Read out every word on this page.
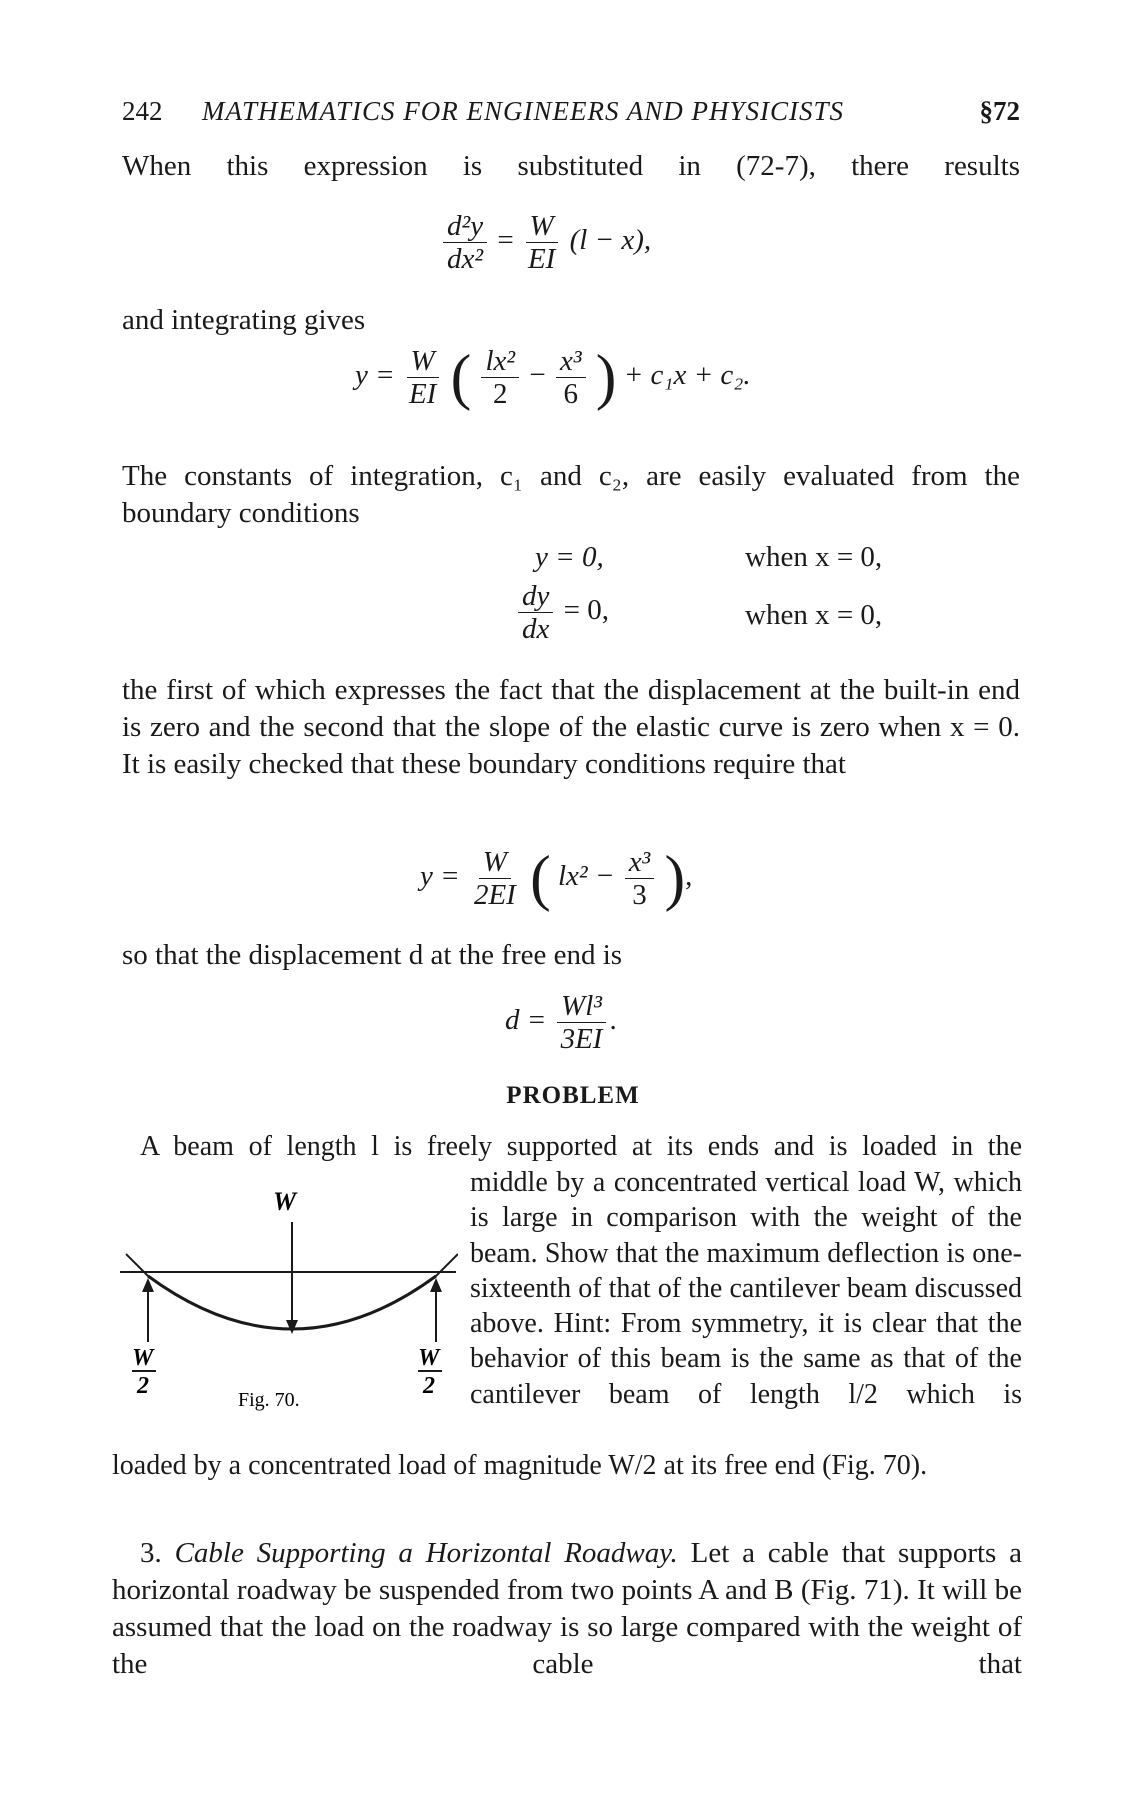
242 MATHEMATICS FOR ENGINEERS AND PHYSICISTS	§72
When this expression is substituted in (72-7), there results
$\frac{\text{d²y}}{\text{dx²}} = \frac{W}{EI} (l - x)$,
and integrating gives
$y = \frac{W}{EI}$ ( $\frac{\text{lx²}}{2} - \frac{\text{x³}}{6}$ ) + c₁x + c₂.
The constants of integration, c₁ and c₂, are easily evaluated from the boundary conditions
y = 0,	when x = 0,
$\frac{dy}{dx} = 0$,	when x = 0,
the first of which expresses the fact that the displacement at the built-in end is zero and the second that the slope of the elastic curve is zero when x = 0. It is easily checked that these boundary conditions require that
$y = \frac{W}{2EI}$ ( $lx^2 - \frac{\text{x³}}{3}$ ),
so that the displacement d at the free end is
$d = \frac{\text{Wl³}}{3EI}$ .
PROBLEM
A beam of length l is freely supported at its ends and is loaded in the
middle by a concentrated vertical load W, which is large in comparison with the weight of the beam. Show that the maximum deflection is one-sixteenth of that of the cantilever beam discussed above. Hint: From symmetry, it is clear that the behavior of this beam is the same as that of the cantilever beam of length l/2 which is
loaded by a concentrated load of magnitude W/2 at its free end (Fig. 70).
W
W
2
W
2
Fig. 70.
3. Cable Supporting a Horizontal Roadway. Let a cable that supports a horizontal roadway be suspended from two points A and B (Fig. 71). It will be assumed that the load on the roadway is so large compared with the weight of the cable that
